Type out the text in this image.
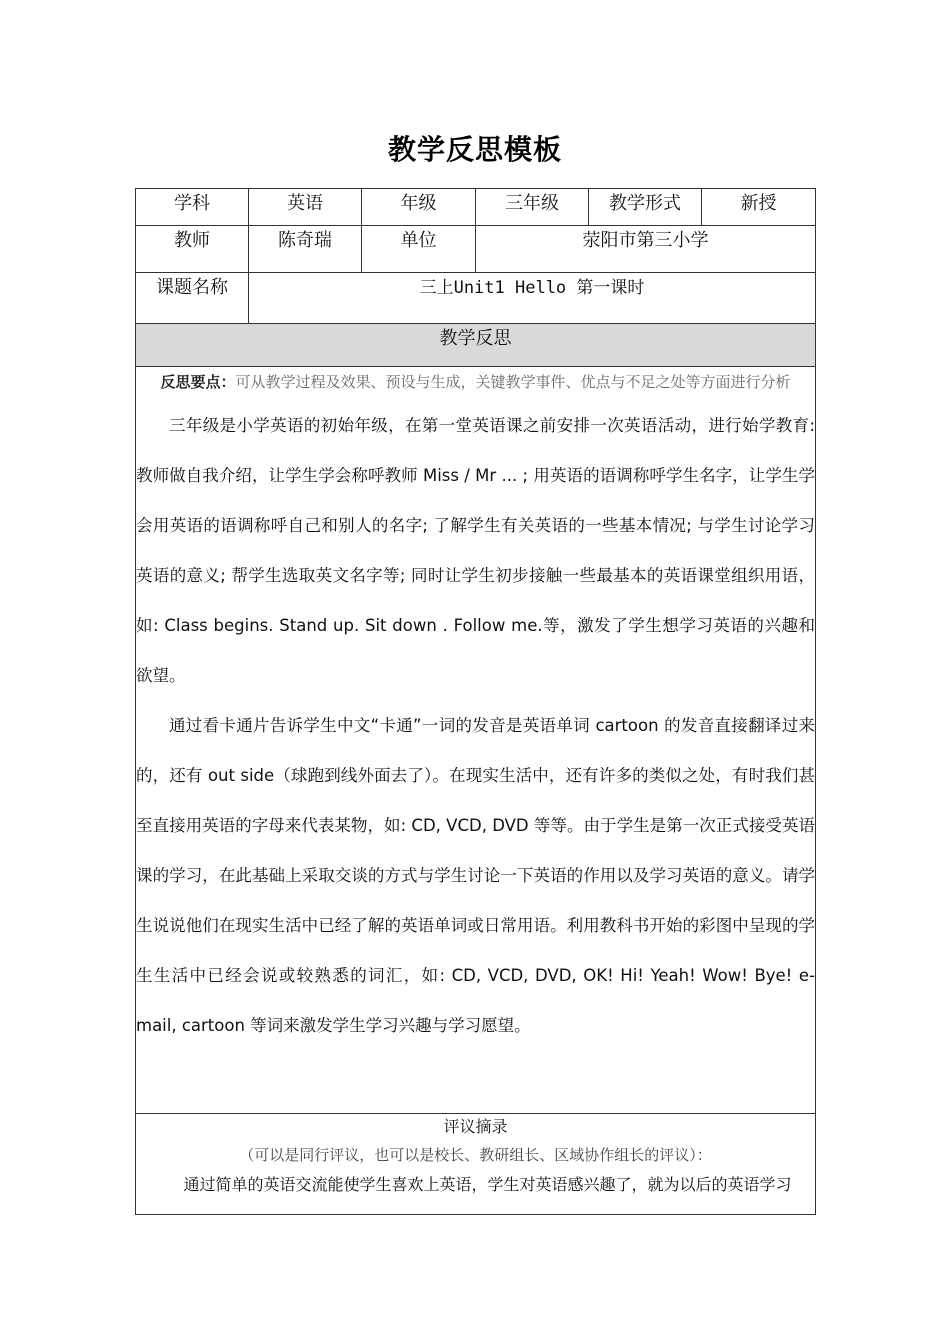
教学反思模板
学科	英语	年级	三年级	教学形式	新授
教师	陈奇瑞	单位	荥阳市第三小学		
课题名称	三上Unit1 Hello 第一课时				
教学反思					

反思要点：可从教学过程及效果、预设与生成，关键教学事件、优点与不足之处等方面进行分析

三年级是小学英语的初始年级，在第一堂英语课之前安排一次英语活动，进行始学教育: 教师做自我介绍，让学生学会称呼教师 Miss / Mr ... ; 用英语的语调称呼学生名字，让学生学会用英语的语调称呼自己和别人的名字; 了解学生有关英语的一些基本情况; 与学生讨论学习英语的意义; 帮学生选取英文名字等; 同时让学生初步接触一些最基本的英语课堂组织用语，如: Class begins. Stand up. Sit down . Follow me.等，激发了学生想学习英语的兴趣和欲望。

通过看卡通片告诉学生中文“卡通”一词的发音是英语单词 cartoon 的发音直接翻译过来的，还有 out side（球跑到线外面去了）。在现实生活中，还有许多的类似之处，有时我们甚至直接用英语的字母来代表某物，如: CD, VCD, DVD 等等。由于学生是第一次正式接受英语课的学习，在此基础上采取交谈的方式与学生讨论一下英语的作用以及学习英语的意义。请学生说说他们在现实生活中已经了解的英语单词或日常用语。利用教科书开始的彩图中呈现的学生生活中已经会说或较熟悉的词汇，如: CD, VCD, DVD, OK! Hi! Yeah! Wow! Bye! e-mail, cartoon 等词来激发学生学习兴趣与学习愿望。					

评议摘录
（可以是同行评议，也可以是校长、教研组长、区域协作组长的评议）：
通过简单的英语交流能使学生喜欢上英语，学生对英语感兴趣了，就为以后的英语学习					
